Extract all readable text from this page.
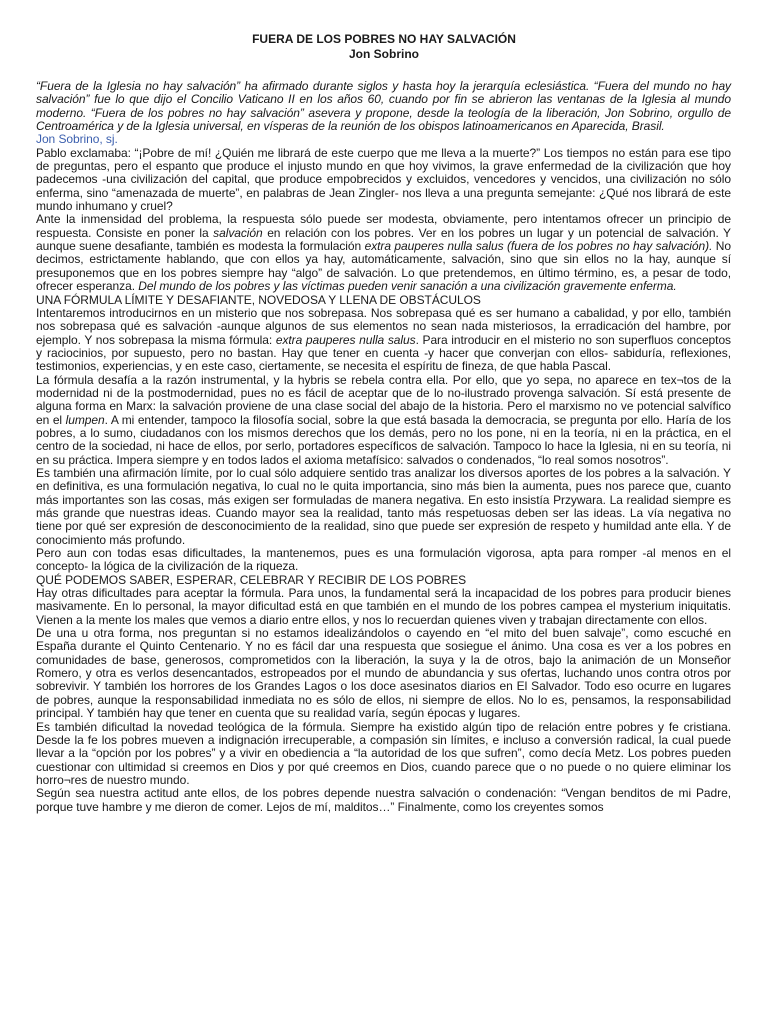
FUERA DE LOS POBRES NO HAY SALVACIÓN

Jon Sobrino

“Fuera de la Iglesia no hay salvación” ha afirmado durante siglos y hasta hoy la jerarquía eclesiástica. “Fuera del mundo no hay salvación” fue lo que dijo el Concilio Vaticano II en los años 60, cuando por fin se abrieron las ventanas de la Iglesia al mundo moderno. “Fuera de los pobres no hay salvación” asevera y propone, desde la teología de la liberación, Jon Sobrino, orgullo de Centroamérica y de la Iglesia universal, en vísperas de la reunión de los obispos latinoamericanos en Aparecida, Brasil.

Jon Sobrino, sj.

Pablo exclamaba: “¡Pobre de mí! ¿Quién me librará de este cuerpo que me lleva a la muerte?” Los tiempos no están para ese tipo de preguntas, pero el espanto que produce el injusto mundo en que hoy vivimos, la grave enfermedad de la civilización que hoy padecemos -una civilización del capital, que produce empobrecidos y excluidos, vencedores y vencidos, una civilización no sólo enferma, sino “amenazada de muerte”, en palabras de Jean Zingler- nos lleva a una pregunta semejante: ¿Qué nos librará de este mundo inhumano y cruel?

Ante la inmensidad del problema, la respuesta sólo puede ser modesta, obviamente, pero intentamos ofrecer un principio de respuesta. Consiste en poner la salvación en relación con los pobres. Ver en los pobres un lugar y un potencial de salvación. Y aunque suene desafiante, también es modesta la formulación extra pauperes nulla salus (fuera de los pobres no hay salvación). No decimos, estrictamente hablando, que con ellos ya hay, automáticamente, salvación, sino que sin ellos no la hay, aunque sí presuponemos que en los pobres siempre hay “algo” de salvación. Lo que pretendemos, en último término, es, a pesar de todo, ofrecer esperanza. Del mundo de los pobres y las víctimas pueden venir sanación a una civilización gravemente enferma.

UNA FÓRMULA LÍMITE Y DESAFIANTE, NOVEDOSA Y LLENA DE OBSTÁCULOS

Intentaremos introducirnos en un misterio que nos sobrepasa. Nos sobrepasa qué es ser humano a cabalidad, y por ello, también nos sobrepasa qué es salvación -aunque algunos de sus elementos no sean nada misteriosos, la erradicación del hambre, por ejemplo. Y nos sobrepasa la misma fórmula: extra pauperes nulla salus. Para introducir en el misterio no son superfluos conceptos y raciocinios, por supuesto, pero no bastan. Hay que tener en cuenta -y hacer que converjan con ellos- sabiduría, reflexiones, testimonios, experiencias, y en este caso, ciertamente, se necesita el espíritu de fineza, de que habla Pascal.

La fórmula desafía a la razón instrumental, y la hybris se rebela contra ella. Por ello, que yo sepa, no aparece en tex¬tos de la modernidad ni de la postmodernidad, pues no es fácil de aceptar que de lo no-ilustrado provenga salvación. Sí está presente de alguna forma en Marx: la salvación proviene de una clase social del abajo de la historia. Pero el marxismo no ve potencial salvífico en el lumpen. A mi entender, tampoco la filosofía social, sobre la que está basada la democracia, se pregunta por ello. Haría de los pobres, a lo sumo, ciudadanos con los mismos derechos que los demás, pero no los pone, ni en la teoría, ni en la práctica, en el centro de la sociedad, ni hace de ellos, por serlo, portadores específicos de salvación. Tampoco lo hace la Iglesia, ni en su teoría, ni en su práctica. Impera siempre y en todos lados el axioma metafísico: salvados o condenados, “lo real somos nosotros”.

Es también una afirmación límite, por lo cual sólo adquiere sentido tras analizar los diversos aportes de los pobres a la salvación. Y en definitiva, es una formulación negativa, lo cual no le quita importancia, sino más bien la aumenta, pues nos parece que, cuanto más importantes son las cosas, más exigen ser formuladas de manera negativa. En esto insistía Przywara. La realidad siempre es más grande que nuestras ideas. Cuando mayor sea la realidad, tanto más respetuosas deben ser las ideas. La vía negativa no tiene por qué ser expresión de desconocimiento de la realidad, sino que puede ser expresión de respeto y humildad ante ella. Y de conocimiento más profundo.

Pero aun con todas esas dificultades, la mantenemos, pues es una formulación vigorosa, apta para romper -al menos en el concepto- la lógica de la civilización de la riqueza.

QUÉ PODEMOS SABER, ESPERAR, CELEBRAR Y RECIBIR DE LOS POBRES

Hay otras dificultades para aceptar la fórmula. Para unos, la fundamental será la incapacidad de los pobres para producir bienes masivamente. En lo personal, la mayor dificultad está en que también en el mundo de los pobres campea el mysterium iniquitatis. Vienen a la mente los males que vemos a diario entre ellos, y nos lo recuerdan quienes viven y trabajan directamente con ellos.

De una u otra forma, nos preguntan si no estamos idealizándolos o cayendo en “el mito del buen salvaje”, como escuché en España durante el Quinto Centenario. Y no es fácil dar una respuesta que sosiegue el ánimo. Una cosa es ver a los pobres en comunidades de base, generosos, comprometidos con la liberación, la suya y la de otros, bajo la animación de un Monseñor Romero, y otra es verlos desencantados, estropeados por el mundo de abundancia y sus ofertas, luchando unos contra otros por sobrevivir. Y también los horrores de los Grandes Lagos o los doce asesinatos diarios en El Salvador. Todo eso ocurre en lugares de pobres, aunque la responsabilidad inmediata no es sólo de ellos, ni siempre de ellos. No lo es, pensamos, la responsabilidad principal. Y también hay que tener en cuenta que su realidad varía, según épocas y lugares.

Es también dificultad la novedad teológica de la fórmula. Siempre ha existido algún tipo de relación entre pobres y fe cristiana. Desde la fe los pobres mueven a indignación irrecuperable, a compasión sin límites, e incluso a conversión radical, la cual puede llevar a la “opción por los pobres” y a vivir en obediencia a “la autoridad de los que sufren”, como decía Metz. Los pobres pueden cuestionar con ultimidad si creemos en Dios y por qué creemos en Dios, cuando parece que o no puede o no quiere eliminar los horro¬res de nuestro mundo.

Según sea nuestra actitud ante ellos, de los pobres depende nuestra salvación o condenación: “Vengan benditos de mi Padre, porque tuve hambre y me dieron de comer. Lejos de mí, malditos…” Finalmente, como los creyentes somos
